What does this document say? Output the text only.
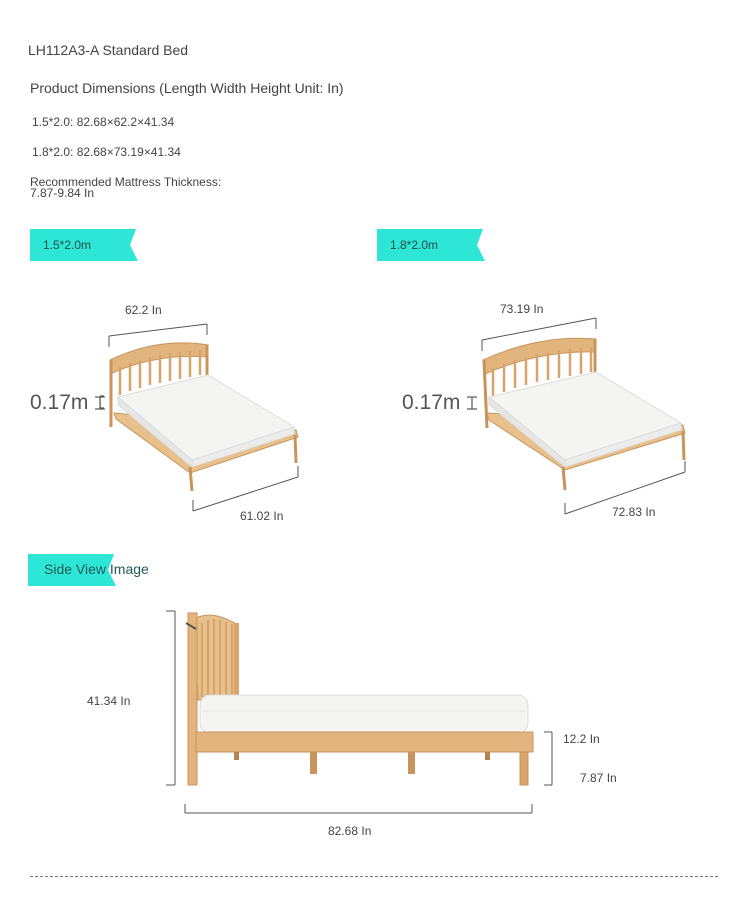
LH112A3-A Standard Bed
Product Dimensions (Length Width Height Unit: In)
1.5*2.0: 82.68×62.2×41.34
1.8*2.0: 82.68×73.19×41.34
Recommended Mattress Thickness:
7.87-9.84 In
1.5*2.0m	1.8*2.0m
62.2 In
61.02 In
0.17m
73.19 In
72.83 In
0.17m
Side View Image
41.34 In
12.2 In
7.87 In
82.68 In
